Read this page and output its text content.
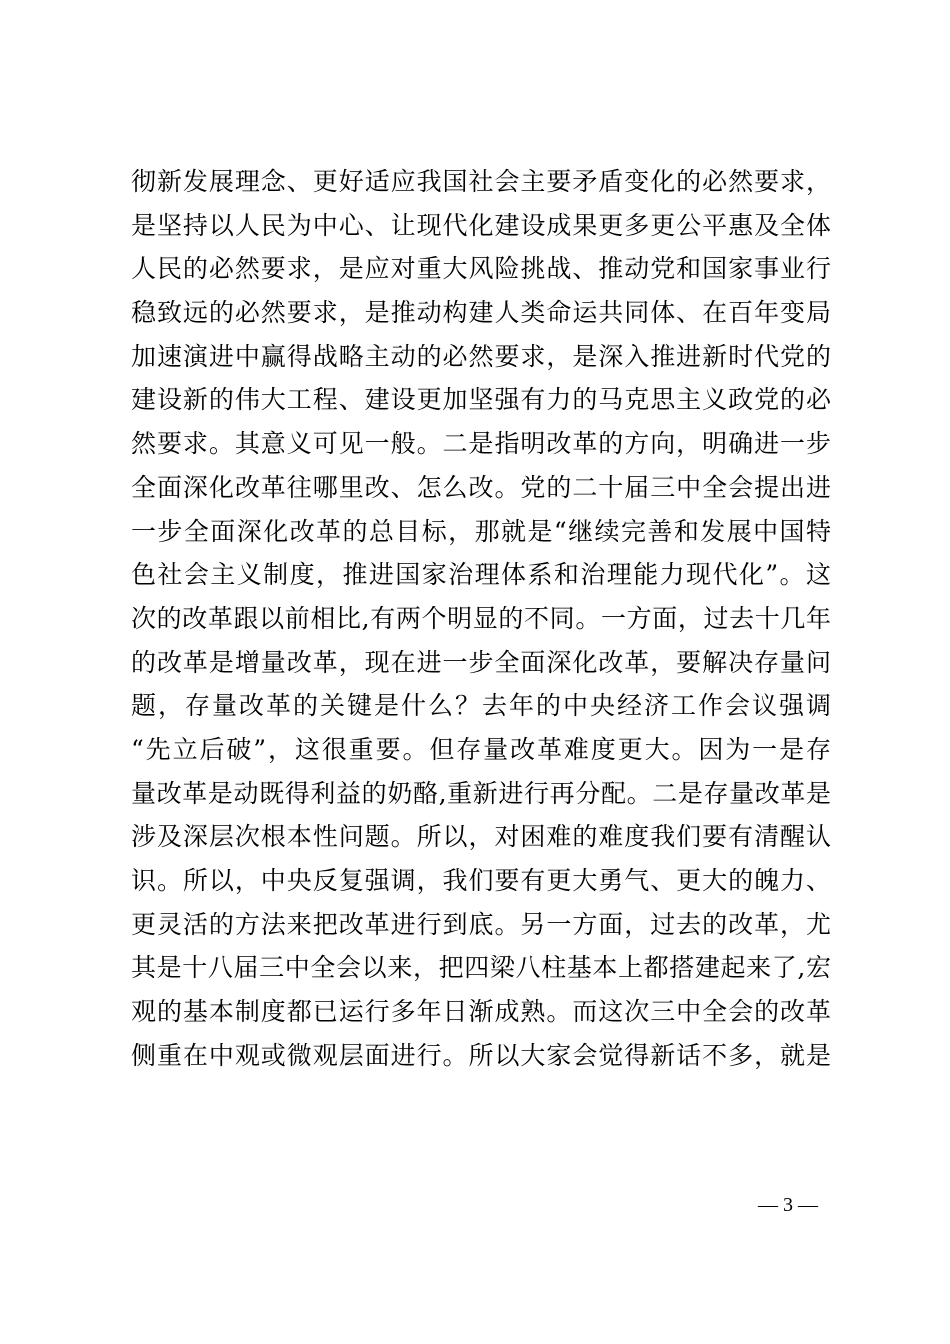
彻新发展理念、更好适应我国社会主要矛盾变化的必然要求，
是坚持以人民为中心、让现代化建设成果更多更公平惠及全体
人民的必然要求，是应对重大风险挑战、推动党和国家事业行
稳致远的必然要求，是推动构建人类命运共同体、在百年变局
加速演进中赢得战略主动的必然要求，是深入推进新时代党的
建设新的伟大工程、建设更加坚强有力的马克思主义政党的必
然要求。其意义可见一般。二是指明改革的方向，明确进一步
全面深化改革往哪里改、怎么改。党的二十届三中全会提出进
一步全面深化改革的总目标，那就是“继续完善和发展中国特
色社会主义制度，推进国家治理体系和治理能力现代化”。这
次的改革跟以前相比,有两个明显的不同。一方面，过去十几年
的改革是增量改革，现在进一步全面深化改革，要解决存量问
题，存量改革的关键是什么？去年的中央经济工作会议强调
“先立后破”，这很重要。但存量改革难度更大。因为一是存
量改革是动既得利益的奶酪,重新进行再分配。二是存量改革是
涉及深层次根本性问题。所以，对困难的难度我们要有清醒认
识。所以，中央反复强调，我们要有更大勇气、更大的魄力、
更灵活的方法来把改革进行到底。另一方面，过去的改革，尤
其是十八届三中全会以来，把四梁八柱基本上都搭建起来了,宏
观的基本制度都已运行多年日渐成熟。而这次三中全会的改革
侧重在中观或微观层面进行。所以大家会觉得新话不多，就是
— 3 —
